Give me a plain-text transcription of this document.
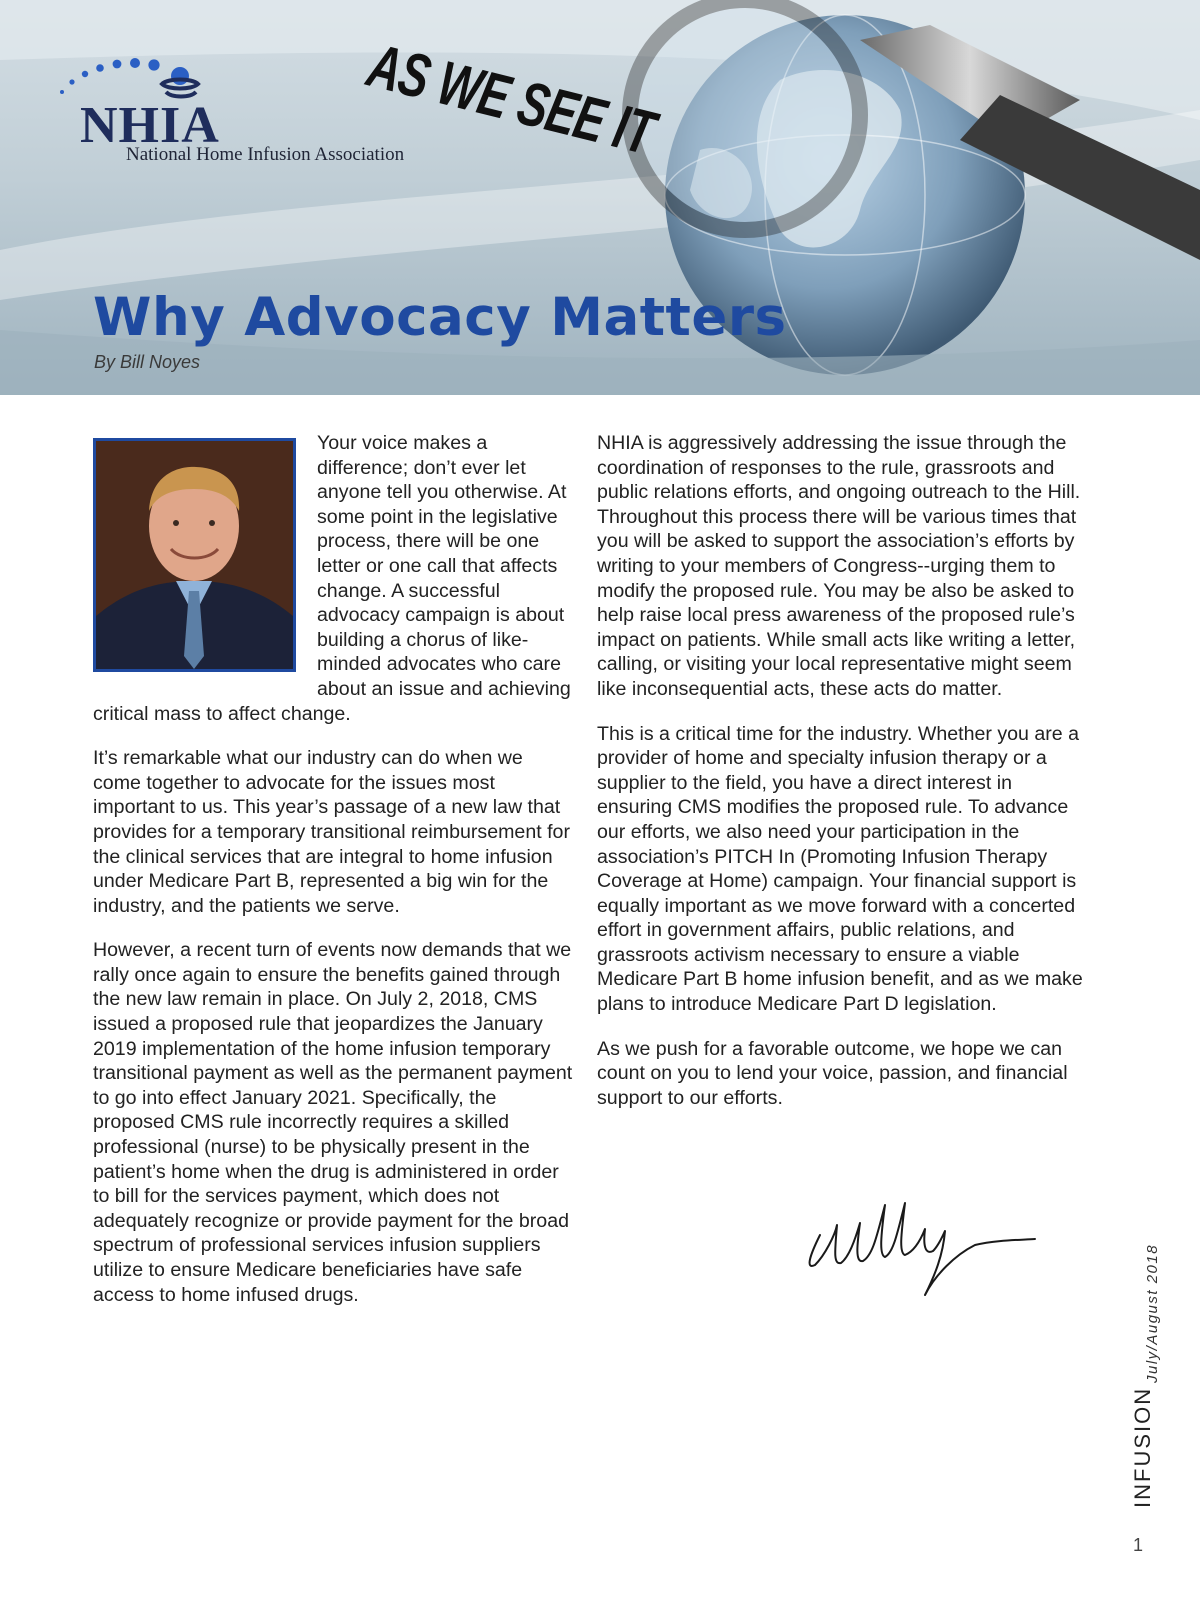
NHIA

National Home Infusion Association

AS WE SEE IT

Why Advocacy Matters

By Bill Noyes

Your voice makes a difference; don’t ever let anyone tell you otherwise. At some point in the legislative process, there will be one letter or one call that affects change. A successful advocacy campaign is about building a chorus of like-minded advocates who care about an issue and achieving critical mass to affect change.

It’s remarkable what our industry can do when we come together to advocate for the issues most important to us. This year’s passage of a new law that provides for a temporary transitional reimbursement for the clinical services that are integral to home infusion under Medicare Part B, represented a big win for the industry, and the patients we serve.

However, a recent turn of events now demands that we rally once again to ensure the benefits gained through the new law remain in place. On July 2, 2018, CMS issued a proposed rule that jeopardizes the January 2019 implementation of the home infusion temporary transitional payment as well as the permanent payment to go into effect January 2021. Specifically, the proposed CMS rule incorrectly requires a skilled professional (nurse) to be physically present in the patient’s home when the drug is administered in order to bill for the services payment, which does not adequately recognize or provide payment for the broad spectrum of professional services infusion suppliers utilize to ensure Medicare beneficiaries have safe access to home infused drugs.

NHIA is aggressively addressing the issue through the coordination of responses to the rule, grassroots and public relations efforts, and ongoing outreach to the Hill. Throughout this process there will be various times that you will be asked to support the association’s efforts by writing to your members of Congress--urging them to modify the proposed rule. You may be also be asked to help raise local press awareness of the proposed rule’s impact on patients. While small acts like writing a letter, calling, or visiting your local representative might seem like inconsequential acts, these acts do matter.

This is a critical time for the industry. Whether you are a provider of home and specialty infusion therapy or a supplier to the field, you have a direct interest in ensuring CMS modifies the proposed rule. To advance our efforts, we also need your participation in the association’s PITCH In (Promoting Infusion Therapy Coverage at Home) campaign. Your financial support is equally important as we move forward with a concerted effort in government affairs, public relations, and grassroots activism necessary to ensure a viable Medicare Part B home infusion benefit, and as we make plans to introduce Medicare Part D legislation.

As we push for a favorable outcome, we hope we can count on you to lend your voice, passion, and financial support to our efforts.

July/August 2018

INFUSION

1
